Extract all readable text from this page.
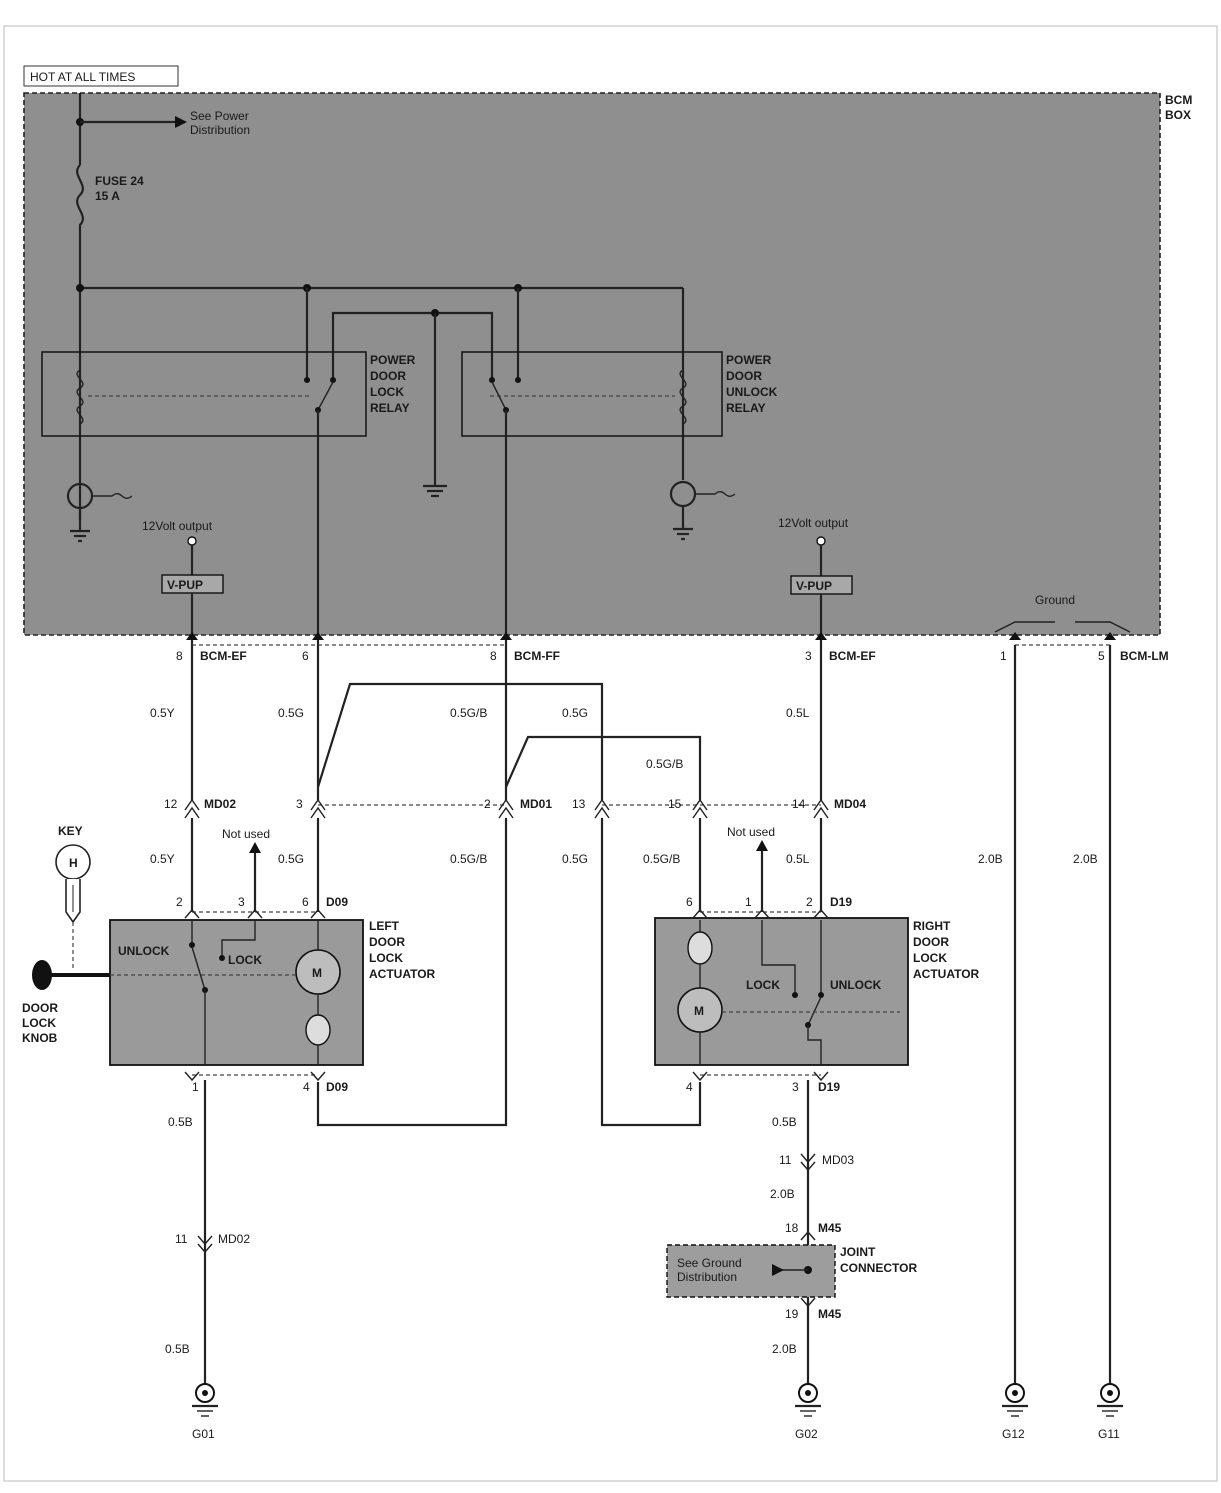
HOT AT ALL TIMES
BCM
BOX
See Power
Distribution
FUSE 24
15 A
POWER
DOOR
LOCK
RELAY
POWER
DOOR
UNLOCK
RELAY
12Volt output
V-PUP
12Volt output
V-PUP
Ground
8 BCM-EF	6	8 BCM-FF	3 BCM-EF	1	5 BCM-LM
0.5Y	0.5G	0.5G/B	0.5G	0.5L
0.5G/B
12 MD02	3	2 MD01 13	15	14 MD04
0.5Y	0.5G	0.5G/B	0.5G	0.5G/B	0.5L	2.0B	2.0B
Not used	Not used
KEY
H
DOOR
LOCK
KNOB
2	3	6 D09
UNLOCK
LOCK
M
LEFT
DOOR
LOCK
ACTUATOR
1	4 D09
0.5B
11	MD02
0.5B
6	1	2 D19
M
LOCK	UNLOCK
RIGHT
DOOR
LOCK
ACTUATOR
4	3 D19
0.5B
11	MD03
2.0B
18 M45
See Ground
Distribution
JOINT
CONNECTOR
19 M45
2.0B
G01	G02	G12	G11
